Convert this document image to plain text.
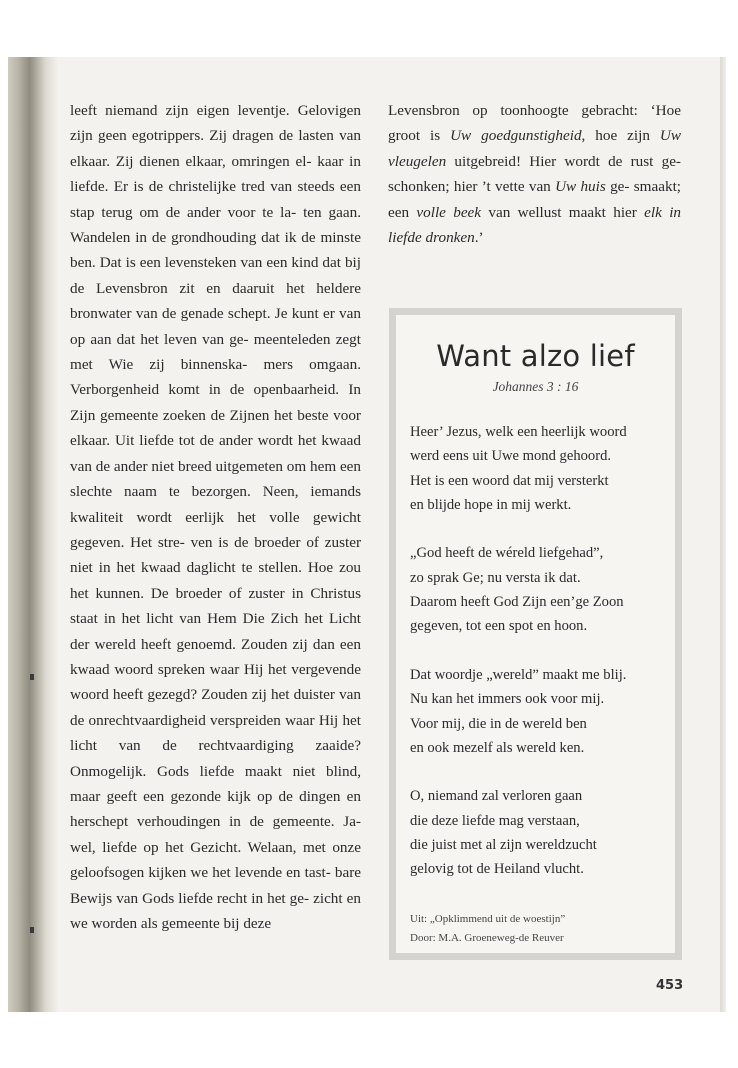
leeft niemand zijn eigen leventje. Gelovigen zijn geen egotrippers. Zij dragen de lasten van elkaar. Zij dienen elkaar, omringen el- kaar in liefde. Er is de christelijke tred van steeds een stap terug om de ander voor te la- ten gaan. Wandelen in de grondhouding dat ik de minste ben. Dat is een levensteken van een kind dat bij de Levensbron zit en daaruit het heldere bronwater van de genade schept. Je kunt er van op aan dat het leven van ge- meenteleden zegt met Wie zij binnenska- mers omgaan. Verborgenheid komt in de openbaarheid. In Zijn gemeente zoeken de Zijnen het beste voor elkaar. Uit liefde tot de ander wordt het kwaad van de ander niet breed uitgemeten om hem een slechte naam te bezorgen. Neen, iemands kwaliteit wordt eerlijk het volle gewicht gegeven. Het stre- ven is de broeder of zuster niet in het kwaad daglicht te stellen. Hoe zou het kunnen. De broeder of zuster in Christus staat in het licht van Hem Die Zich het Licht der wereld heeft genoemd. Zouden zij dan een kwaad woord spreken waar Hij het vergevende woord heeft gezegd? Zouden zij het duister van de onrechtvaardigheid verspreiden waar Hij het licht van de rechtvaardiging zaaide? Onmogelijk. Gods liefde maakt niet blind, maar geeft een gezonde kijk op de dingen en herschept verhoudingen in de gemeente. Ja- wel, liefde op het Gezicht. Welaan, met onze geloofsogen kijken we het levende en tast- bare Bewijs van Gods liefde recht in het ge- zicht en we worden als gemeente bij deze

Levensbron op toonhoogte gebracht: ‘Hoe groot is Uw goedgunstigheid, hoe zijn Uw vleugelen uitgebreid! Hier wordt de rust ge- schonken; hier ’t vette van Uw huis ge- smaakt; een volle beek van wellust maakt hier elk in liefde dronken.’

Want alzo lief
Johannes 3 : 16
Heer’ Jezus, welk een heerlijk woord
werd eens uit Uwe mond gehoord.
Het is een woord dat mij versterkt
en blijde hope in mij werkt.
„God heeft de wéreld liefgehad”,
zo sprak Ge; nu versta ik dat.
Daarom heeft God Zijn een’ge Zoon
gegeven, tot een spot en hoon.
Dat woordje „wereld” maakt me blij.
Nu kan het immers ook voor mij.
Voor mij, die in de wereld ben
en ook mezelf als wereld ken.
O, niemand zal verloren gaan
die deze liefde mag verstaan,
die juist met al zijn wereldzucht
gelovig tot de Heiland vlucht.
Uit: „Opklimmend uit de woestijn”
Door: M.A. Groeneweg-de Reuver
453
